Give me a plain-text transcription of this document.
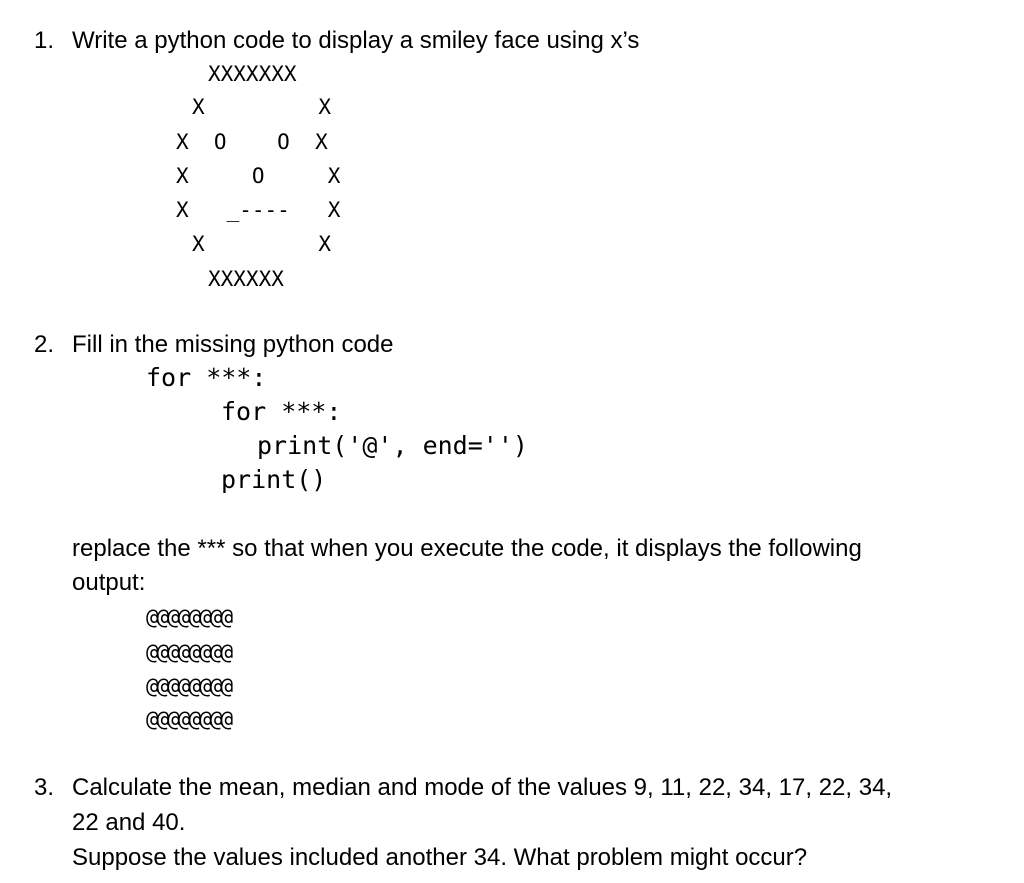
1. Write a python code to display a smiley face using x’s
XXXXXXX
X         X
X  O    O  X
X     O     X
X   _----   X
X         X
XXXXXX
2. Fill in the missing python code
for ***:
for ***:
print('@', end='')
print()
replace the *** so that when you execute the code, it displays the following
output:
@@@@@@@@
@@@@@@@@
@@@@@@@@
@@@@@@@@
3. Calculate the mean, median and mode of the values 9, 11, 22, 34, 17, 22, 34,
22 and 40.
Suppose the values included another 34. What problem might occur?
